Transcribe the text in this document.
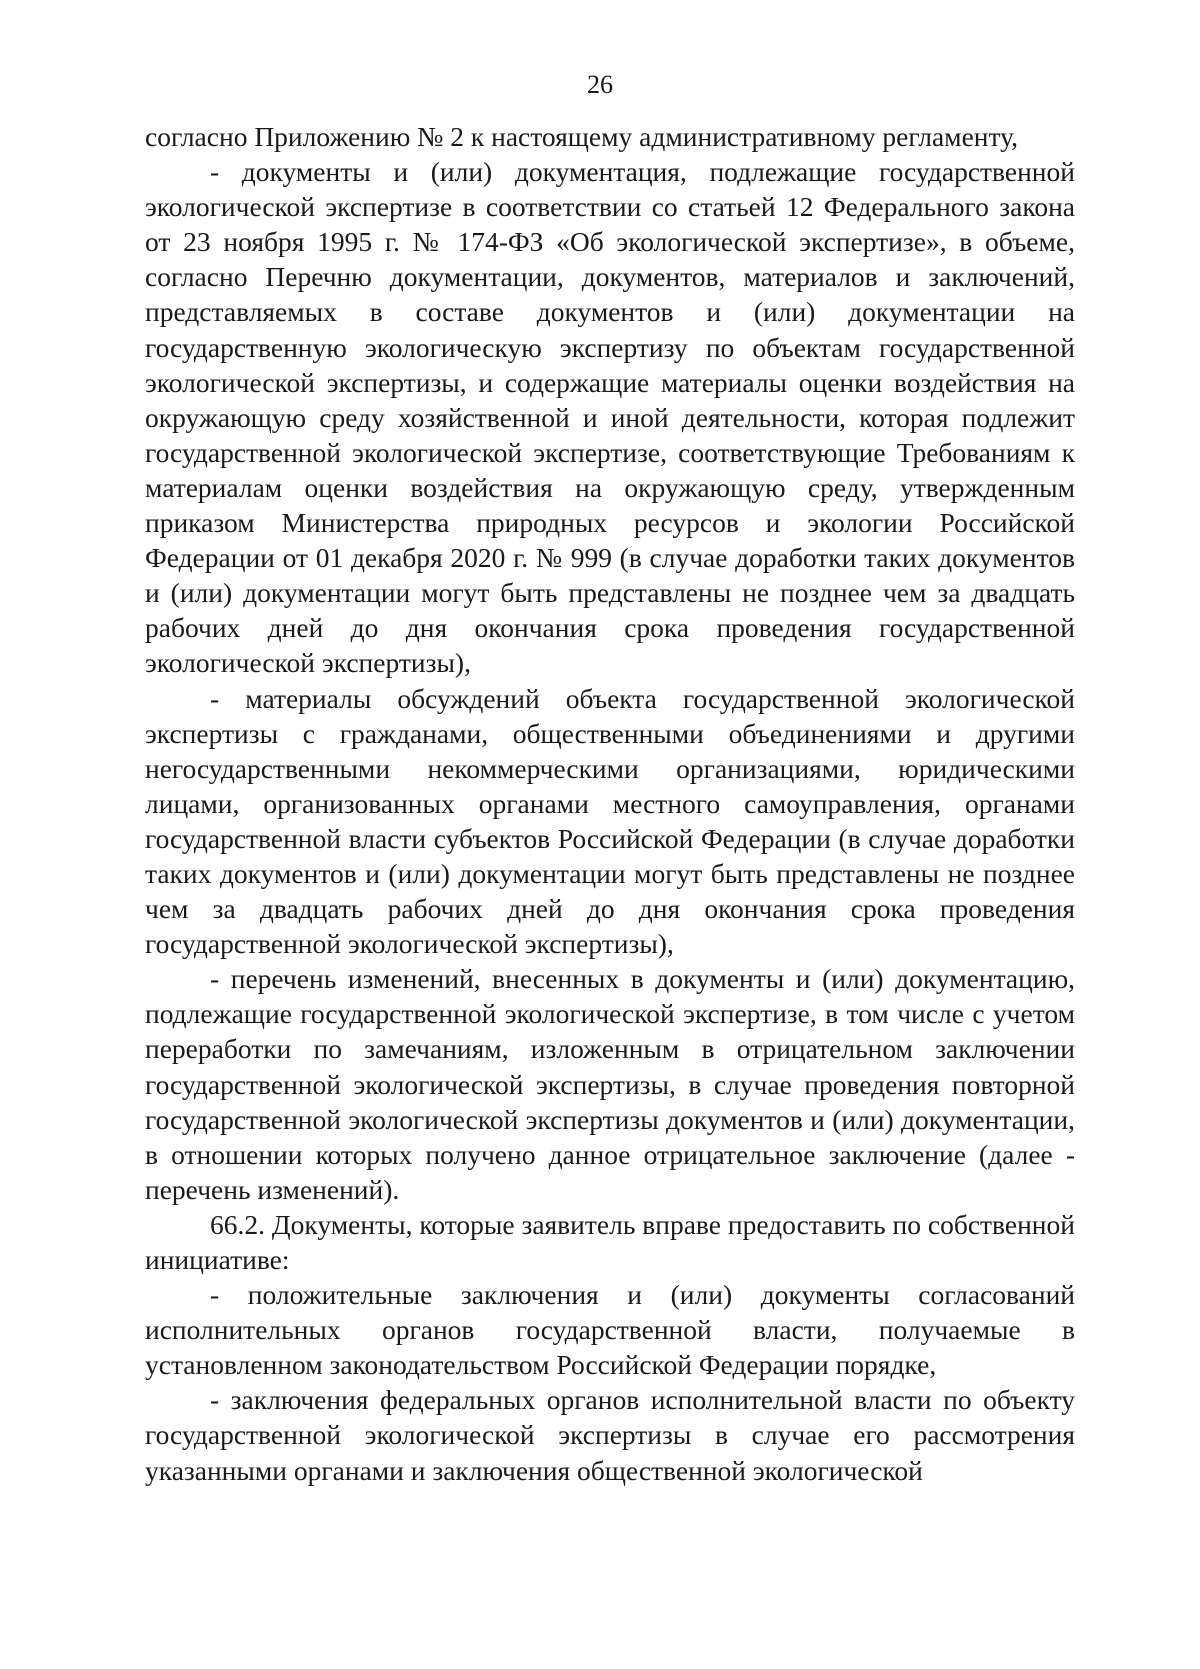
26

согласно Приложению № 2 к настоящему административному регламенту,

- документы и (или) документация, подлежащие государственной экологической экспертизе в соответствии со статьей 12 Федерального закона от 23 ноября 1995 г. № 174-ФЗ «Об экологической экспертизе», в объеме, согласно Перечню документации, документов, материалов и заключений, представляемых в составе документов и (или) документации на государственную экологическую экспертизу по объектам государственной экологической экспертизы, и содержащие материалы оценки воздействия на окружающую среду хозяйственной и иной деятельности, которая подлежит государственной экологической экспертизе, соответствующие Требованиям к материалам оценки воздействия на окружающую среду, утвержденным приказом Министерства природных ресурсов и экологии Российской Федерации от 01 декабря 2020 г. № 999 (в случае доработки таких документов и (или) документации могут быть представлены не позднее чем за двадцать рабочих дней до дня окончания срока проведения государственной экологической экспертизы),

- материалы обсуждений объекта государственной экологической экспертизы с гражданами, общественными объединениями и другими негосударственными некоммерческими организациями, юридическими лицами, организованных органами местного самоуправления, органами государственной власти субъектов Российской Федерации (в случае доработки таких документов и (или) документации могут быть представлены не позднее чем за двадцать рабочих дней до дня окончания срока проведения государственной экологической экспертизы),

- перечень изменений, внесенных в документы и (или) документацию, подлежащие государственной экологической экспертизе, в том числе с учетом переработки по замечаниям, изложенным в отрицательном заключении государственной экологической экспертизы, в случае проведения повторной государственной экологической экспертизы документов и (или) документации, в отношении которых получено данное отрицательное заключение (далее - перечень изменений).

66.2. Документы, которые заявитель вправе предоставить по собственной инициативе:

- положительные заключения и (или) документы согласований исполнительных органов государственной власти, получаемые в установленном законодательством Российской Федерации порядке,

- заключения федеральных органов исполнительной власти по объекту государственной экологической экспертизы в случае его рассмотрения указанными органами и заключения общественной экологической
